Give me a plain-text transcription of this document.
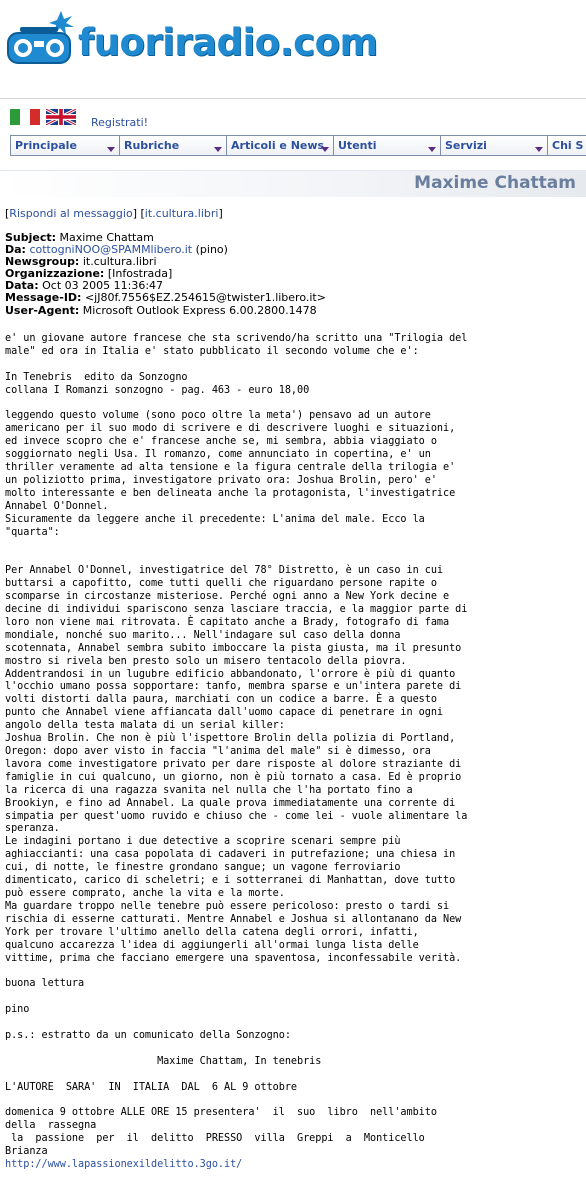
fuoriradio.com
Registrati!
Principale	Rubriche	Articoli e News	Utenti	Servizi	Chi S
Maxime Chattam
[Rispondi al messaggio] [it.cultura.libri]
Subject: Maxime Chattam
Da: cottogniNOO@SPAMMlibero.it (pino)
Newsgroup: it.cultura.libri
Organizzazione: [Infostrada]
Data: Oct 03 2005 11:36:47
Message-ID: <jJ80f.7556$EZ.254615@twister1.libero.it>
User-Agent: Microsoft Outlook Express 6.00.2800.1478
e' un giovane autore francese che sta scrivendo/ha scritto una "Trilogia del
male" ed ora in Italia e' stato pubblicato il secondo volume che e':

In Tenebris  edito da Sonzogno
collana I Romanzi sonzogno - pag. 463 - euro 18,00

leggendo questo volume (sono poco oltre la meta') pensavo ad un autore
americano per il suo modo di scrivere e di descrivere luoghi e situazioni,
ed invece scopro che e' francese anche se, mi sembra, abbia viaggiato o
soggiornato negli Usa. Il romanzo, come annunciato in copertina, e' un
thriller veramente ad alta tensione e la figura centrale della trilogia e'
un poliziotto prima, investigatore privato ora: Joshua Brolin, pero' e'
molto interessante e ben delineata anche la protagonista, l'investigatrice
Annabel O'Donnel.
Sicuramente da leggere anche il precedente: L'anima del male. Ecco la
"quarta":

Per Annabel O'Donnel, investigatrice del 78° Distretto, è un caso in cui
buttarsi a capofitto, come tutti quelli che riguardano persone rapite o
scomparse in circostanze misteriose. Perché ogni anno a New York decine e
decine di individui spariscono senza lasciare traccia, e la maggior parte di
loro non viene mai ritrovata. È capitato anche a Brady, fotografo di fama
mondiale, nonché suo marito... Nell'indagare sul caso della donna
scotennata, Annabel sembra subito imboccare la pista giusta, ma il presunto
mostro si rivela ben presto solo un misero tentacolo della piovra.
Addentrandosi in un lugubre edificio abbandonato, l'orrore è più di quanto
l'occhio umano possa sopportare: tanfo, membra sparse e un'intera parete di
volti distorti dalla paura, marchiati con un codice a barre. È a questo
punto che Annabel viene affiancata dall'uomo capace di penetrare in ogni
angolo della testa malata di un serial killer:
Joshua Brolin. Che non è più l'ispettore Brolin della polizia di Portland,
Oregon: dopo aver visto in faccia "l'anima del male" si è dimesso, ora
lavora come investigatore privato per dare risposte al dolore straziante di
famiglie in cui qualcuno, un giorno, non è più tornato a casa. Ed è proprio
la ricerca di una ragazza svanita nel nulla che l'ha portato fino a
Brookiyn, e fino ad Annabel. La quale prova immediatamente una corrente di
simpatia per quest'uomo ruvido e chiuso che - come lei - vuole alimentare la
speranza.
Le indagini portano i due detective a scoprire scenari sempre più
aghiaccianti: una casa popolata di cadaveri in putrefazione; una chiesa in
cui, di notte, le finestre grondano sangue; un vagone ferroviario
dimenticato, carico di scheletri; e i sotterranei di Manhattan, dove tutto
può essere comprato, anche la vita e la morte.
Ma guardare troppo nelle tenebre può essere pericoloso: presto o tardi si
rischia di esserne catturati. Mentre Annabel e Joshua si allontanano da New
York per trovare l'ultimo anello della catena degli orrori, infatti,
qualcuno accarezza l'idea di aggiungerli all'ormai lunga lista delle
vittime, prima che facciano emergere una spaventosa, inconfessabile verità.

buona lettura

pino

p.s.: estratto da un comunicato della Sonzogno:

Maxime Chattam, In tenebris

L'AUTORE  SARA'  IN  ITALIA  DAL  6 AL 9 ottobre

domenica 9 ottobre ALLE ORE 15 presentera'  il  suo  libro  nell'ambito
della  rassegna
la  passione  per  il  delitto  PRESSO  villa  Greppi  a  Monticello
Brianza
http://www.lapassionexildelitto.3go.it/
